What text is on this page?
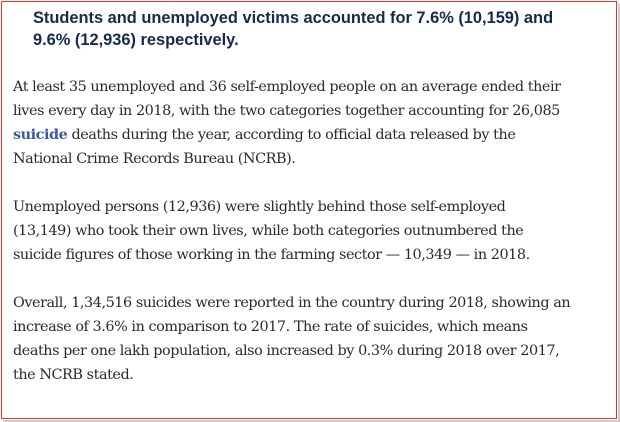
Students and unemployed victims accounted for 7.6% (10,159) and
9.6% (12,936) respectively.

At least 35 unemployed and 36 self-employed people on an average ended their
lives every day in 2018, with the two categories together accounting for 26,085
suicide deaths during the year, according to official data released by the
National Crime Records Bureau (NCRB).

Unemployed persons (12,936) were slightly behind those self-employed
(13,149) who took their own lives, while both categories outnumbered the
suicide figures of those working in the farming sector — 10,349 — in 2018.

Overall, 1,34,516 suicides were reported in the country during 2018, showing an
increase of 3.6% in comparison to 2017. The rate of suicides, which means
deaths per one lakh population, also increased by 0.3% during 2018 over 2017,
the NCRB stated.
